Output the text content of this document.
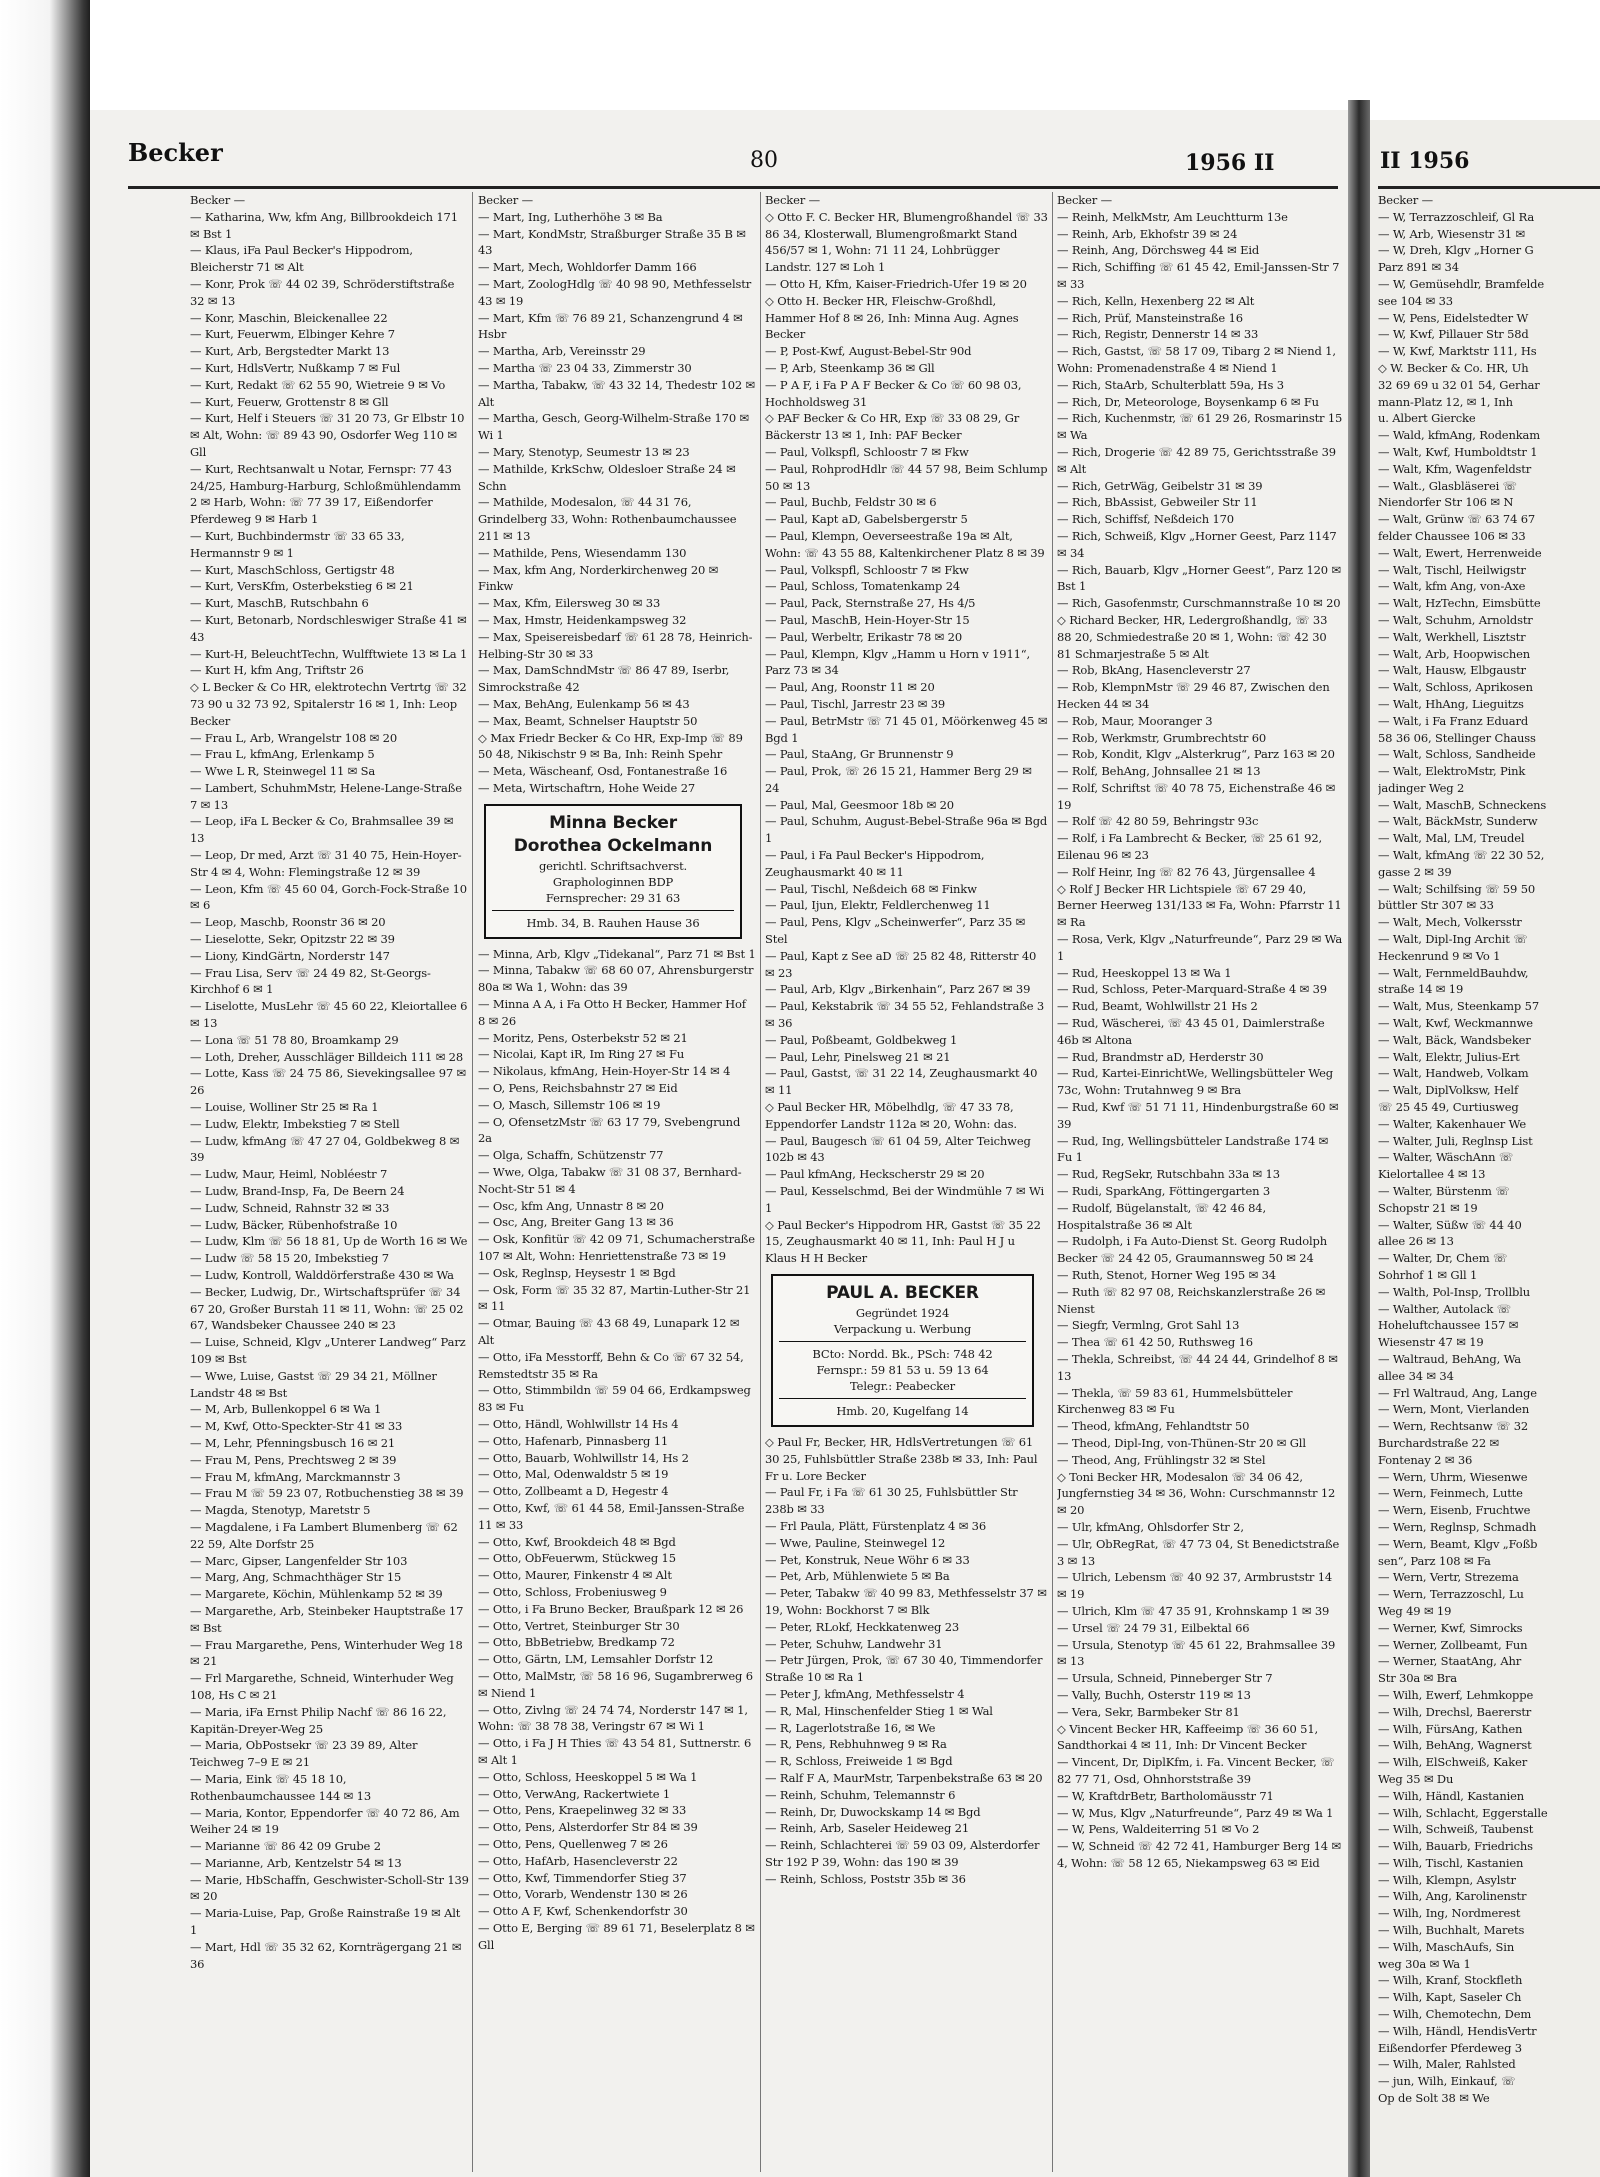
Becker	80	1956 II	II 1956

Becker —

— Katharina, Ww, kfm Ang, Billbrookdeich 171 ✉ Bst 1

— Klaus, iFa Paul Becker's Hippodrom, Bleicherstr 71 ✉ Alt

— Konr, Prok ☏ 44 02 39, Schröderstiftstraße 32 ✉ 13

— Konr, Maschin, Bleickenallee 22

— Kurt, Feuerwm, Elbinger Kehre 7

— Kurt, Arb, Bergstedter Markt 13

— Kurt, HdlsVertr, Nußkamp 7 ✉ Ful

— Kurt, Redakt ☏ 62 55 90, Wietreie 9 ✉ Vo

— Kurt, Feuerw, Grottenstr 8 ✉ Gll

— Kurt, Helf i Steuers ☏ 31 20 73, Gr Elbstr 10 ✉ Alt, Wohn: ☏ 89 43 90, Osdorfer Weg 110 ✉ Gll

— Kurt, Rechtsanwalt u Notar, Fernspr: 77 43 24/25, Hamburg-Harburg, Schloßmühlendamm 2 ✉ Harb, Wohn: ☏ 77 39 17, Eißendorfer Pferdeweg 9 ✉ Harb 1

— Kurt, Buchbindermstr ☏ 33 65 33, Hermannstr 9 ✉ 1

— Kurt, MaschSchloss, Gertigstr 48

— Kurt, VersKfm, Osterbekstieg 6 ✉ 21

— Kurt, MaschB, Rutschbahn 6

— Kurt, Betonarb, Nordschleswiger Straße 41 ✉ 43

— Kurt-H, BeleuchtTechn, Wulfftwiete 13 ✉ La 1

— Kurt H, kfm Ang, Triftstr 26

◇ L Becker & Co HR, elektrotechn Vertrtg ☏ 32 73 90 u 32 73 92, Spitalerstr 16 ✉ 1, Inh: Leop Becker

— Frau L, Arb, Wrangelstr 108 ✉ 20

— Frau L, kfmAng, Erlenkamp 5

— Wwe L R, Steinwegel 11 ✉ Sa

— Lambert, SchuhmMstr, Helene-Lange-Straße 7 ✉ 13

— Leop, iFa L Becker & Co, Brahmsallee 39 ✉ 13

— Leop, Dr med, Arzt ☏ 31 40 75, Hein-Hoyer-Str 4 ✉ 4, Wohn: Flemingstraße 12 ✉ 39

— Leon, Kfm ☏ 45 60 04, Gorch-Fock-Straße 10 ✉ 6

— Leop, Maschb, Roonstr 36 ✉ 20

— Lieselotte, Sekr, Opitzstr 22 ✉ 39

— Liony, KindGärtn, Norderstr 147

— Frau Lisa, Serv ☏ 24 49 82, St-Georgs-Kirchhof 6 ✉ 1

— Liselotte, MusLehr ☏ 45 60 22, Kleiortallee 6 ✉ 13

— Lona ☏ 51 78 80, Broamkamp 29

— Loth, Dreher, Ausschläger Billdeich 111 ✉ 28

— Lotte, Kass ☏ 24 75 86, Sievekingsallee 97 ✉ 26

— Louise, Wolliner Str 25 ✉ Ra 1

— Ludw, Elektr, Imbekstieg 7 ✉ Stell

— Ludw, kfmAng ☏ 47 27 04, Goldbekweg 8 ✉ 39

— Ludw, Maur, Heiml, Nobléestr 7

— Ludw, Brand-Insp, Fa, De Beern 24

— Ludw, Schneid, Rahnstr 32 ✉ 33

— Ludw, Bäcker, Rübenhofstraße 10

— Ludw, Klm ☏ 56 18 81, Up de Worth 16 ✉ We

— Ludw ☏ 58 15 20, Imbekstieg 7

— Ludw, Kontroll, Walddörferstraße 430 ✉ Wa

— Becker, Ludwig, Dr., Wirtschaftsprüfer ☏ 34 67 20, Großer Burstah 11 ✉ 11, Wohn: ☏ 25 02 67, Wandsbeker Chaussee 240 ✉ 23

— Luise, Schneid, Klgv „Unterer Landweg“ Parz 109 ✉ Bst

— Wwe, Luise, Gastst ☏ 29 34 21, Möllner Landstr 48 ✉ Bst

— M, Arb, Bullenkoppel 6 ✉ Wa 1

— M, Kwf, Otto-Speckter-Str 41 ✉ 33

— M, Lehr, Pfenningsbusch 16 ✉ 21

— Frau M, Pens, Prechtsweg 2 ✉ 39

— Frau M, kfmAng, Marckmannstr 3

— Frau M ☏ 59 23 07, Rotbuchenstieg 38 ✉ 39

— Magda, Stenotyp, Maretstr 5

— Magdalene, i Fa Lambert Blumenberg ☏ 62 22 59, Alte Dorfstr 25

— Marc, Gipser, Langenfelder Str 103

— Marg, Ang, Schmachthäger Str 15

— Margarete, Köchin, Mühlenkamp 52 ✉ 39

— Margarethe, Arb, Steinbeker Hauptstraße 17 ✉ Bst

— Frau Margarethe, Pens, Winterhuder Weg 18 ✉ 21

— Frl Margarethe, Schneid, Winterhuder Weg 108, Hs C ✉ 21

— Maria, iFa Ernst Philip Nachf ☏ 86 16 22, Kapitän-Dreyer-Weg 25

— Maria, ObPostsekr ☏ 23 39 89, Alter Teichweg 7–9 E ✉ 21

— Maria, Eink ☏ 45 18 10, Rothenbaumchaussee 144 ✉ 13

— Maria, Kontor, Eppendorfer ☏ 40 72 86, Am Weiher 24 ✉ 19

— Marianne ☏ 86 42 09 Grube 2

— Marianne, Arb, Kentzelstr 54 ✉ 13

— Marie, HbSchaffn, Geschwister-Scholl-Str 139 ✉ 20

— Maria-Luise, Pap, Große Rainstraße 19 ✉ Alt 1

— Mart, Hdl ☏ 35 32 62, Kornträgergang 21 ✉ 36

Becker —

— Mart, Ing, Lutherhöhe 3 ✉ Ba

— Mart, KondMstr, Straßburger Straße 35 B ✉ 43

— Mart, Mech, Wohldorfer Damm 166

— Mart, ZoologHdlg ☏ 40 98 90, Methfesselstr 43 ✉ 19

— Mart, Kfm ☏ 76 89 21, Schanzengrund 4 ✉ Hsbr

— Martha, Arb, Vereinsstr 29

— Martha ☏ 23 04 33, Zimmerstr 30

— Martha, Tabakw, ☏ 43 32 14, Thedestr 102 ✉ Alt

— Martha, Gesch, Georg-Wilhelm-Straße 170 ✉ Wi 1

— Mary, Stenotyp, Seumestr 13 ✉ 23

— Mathilde, KrkSchw, Oldesloer Straße 24 ✉ Schn

— Mathilde, Modesalon, ☏ 44 31 76, Grindelberg 33, Wohn: Rothenbaumchaussee 211 ✉ 13

— Mathilde, Pens, Wiesendamm 130

— Max, kfm Ang, Norderkirchenweg 20 ✉ Finkw

— Max, Kfm, Eilersweg 30 ✉ 33

— Max, Hmstr, Heidenkampsweg 32

— Max, Speisereisbedarf ☏ 61 28 78, Heinrich-Helbing-Str 30 ✉ 33

— Max, DamSchndMstr ☏ 86 47 89, Iserbr, Simrockstraße 42

— Max, BehAng, Eulenkamp 56 ✉ 43

— Max, Beamt, Schnelser Hauptstr 50

◇ Max Friedr Becker & Co HR, Exp-Imp ☏ 89 50 48, Nikischstr 9 ✉ Ba, Inh: Reinh Spehr

— Meta, Wäscheanf, Osd, Fontanestraße 16

— Meta, Wirtschaftrn, Hohe Weide 27

Minna Becker
Dorothea Ockelmann
gerichtl. Schriftsachverst.
Graphologinnen BDP
Fernsprecher: 29 31 63
Hmb. 34, B. Rauhen Hause 36

— Minna, Arb, Klgv „Tidekanal“, Parz 71 ✉ Bst 1

— Minna, Tabakw ☏ 68 60 07, Ahrensburgerstr 80a ✉ Wa 1, Wohn: das 39

— Minna A A, i Fa Otto H Becker, Hammer Hof 8 ✉ 26

— Moritz, Pens, Osterbekstr 52 ✉ 21

— Nicolai, Kapt iR, Im Ring 27 ✉ Fu

— Nikolaus, kfmAng, Hein-Hoyer-Str 14 ✉ 4

— O, Pens, Reichsbahnstr 27 ✉ Eid

— O, Masch, Sillemstr 106 ✉ 19

— O, OfensetzMstr ☏ 63 17 79, Svebengrund 2a

— Olga, Schaffn, Schützenstr 77

— Wwe, Olga, Tabakw ☏ 31 08 37, Bernhard-Nocht-Str 51 ✉ 4

— Osc, kfm Ang, Unnastr 8 ✉ 20

— Osc, Ang, Breiter Gang 13 ✉ 36

— Osk, Konfitür ☏ 42 09 71, Schumacherstraße 107 ✉ Alt, Wohn: Henriettenstraße 73 ✉ 19

— Osk, Reglnsp, Heysestr 1 ✉ Bgd

— Osk, Form ☏ 35 32 87, Martin-Luther-Str 21 ✉ 11

— Otmar, Bauing ☏ 43 68 49, Lunapark 12 ✉ Alt

— Otto, iFa Messtorff, Behn & Co ☏ 67 32 54, Remstedtstr 35 ✉ Ra

— Otto, Stimmbildn ☏ 59 04 66, Erdkampsweg 83 ✉ Fu

— Otto, Händl, Wohlwillstr 14 Hs 4

— Otto, Hafenarb, Pinnasberg 11

— Otto, Bauarb, Wohlwillstr 14, Hs 2

— Otto, Mal, Odenwaldstr 5 ✉ 19

— Otto, Zollbeamt a D, Hegestr 4

— Otto, Kwf, ☏ 61 44 58, Emil-Janssen-Straße 11 ✉ 33

— Otto, Kwf, Brookdeich 48 ✉ Bgd

— Otto, ObFeuerwm, Stückweg 15

— Otto, Maurer, Finkenstr 4 ✉ Alt

— Otto, Schloss, Frobeniusweg 9

— Otto, i Fa Bruno Becker, Braußpark 12 ✉ 26

— Otto, Vertret, Steinburger Str 30

— Otto, BbBetriebw, Bredkamp 72

— Otto, Gärtn, LM, Lemsahler Dorfstr 12

— Otto, MalMstr, ☏ 58 16 96, Sugambrerweg 6 ✉ Niend 1

— Otto, Zivlng ☏ 24 74 74, Norderstr 147 ✉ 1, Wohn: ☏ 38 78 38, Veringstr 67 ✉ Wi 1

— Otto, i Fa J H Thies ☏ 43 54 81, Suttnerstr. 6 ✉ Alt 1

— Otto, Schloss, Heeskoppel 5 ✉ Wa 1

— Otto, VerwAng, Rackertwiete 1

— Otto, Pens, Kraepelinweg 32 ✉ 33

— Otto, Pens, Alsterdorfer Str 84 ✉ 39

— Otto, Pens, Quellenweg 7 ✉ 26

— Otto, HafArb, Hasencleverstr 22

— Otto, Kwf, Timmendorfer Stieg 37

— Otto, Vorarb, Wendenstr 130 ✉ 26

— Otto A F, Kwf, Schenkendorfstr 30

— Otto E, Berging ☏ 89 61 71, Beselerplatz 8 ✉ Gll

Becker —

◇ Otto F. C. Becker HR, Blumengroßhandel ☏ 33 86 34, Klosterwall, Blumengroßmarkt Stand 456/57 ✉ 1, Wohn: 71 11 24, Lohbrügger Landstr. 127 ✉ Loh 1

— Otto H, Kfm, Kaiser-Friedrich-Ufer 19 ✉ 20

◇ Otto H. Becker HR, Fleischw-Großhdl, Hammer Hof 8 ✉ 26, Inh: Minna Aug. Agnes Becker

— P, Post-Kwf, August-Bebel-Str 90d

— P, Arb, Steenkamp 36 ✉ Gll

— P A F, i Fa P A F Becker & Co ☏ 60 98 03, Hochholdsweg 31

◇ PAF Becker & Co HR, Exp ☏ 33 08 29, Gr Bäckerstr 13 ✉ 1, Inh: PAF Becker

— Paul, Volkspfl, Schloostr 7 ✉ Fkw

— Paul, RohprodHdlr ☏ 44 57 98, Beim Schlump 50 ✉ 13

— Paul, Buchb, Feldstr 30 ✉ 6

— Paul, Kapt aD, Gabelsbergerstr 5

— Paul, Klempn, Oeverseestraße 19a ✉ Alt, Wohn: ☏ 43 55 88, Kaltenkirchener Platz 8 ✉ 39

— Paul, Volkspfl, Schloostr 7 ✉ Fkw

— Paul, Schloss, Tomatenkamp 24

— Paul, Pack, Sternstraße 27, Hs 4/5

— Paul, MaschB, Hein-Hoyer-Str 15

— Paul, Werbeltr, Erikastr 78 ✉ 20

— Paul, Klempn, Klgv „Hamm u Horn v 1911“, Parz 73 ✉ 34

— Paul, Ang, Roonstr 11 ✉ 20

— Paul, Tischl, Jarrestr 23 ✉ 39

— Paul, BetrMstr ☏ 71 45 01, Möörkenweg 45 ✉ Bgd 1

— Paul, StaAng, Gr Brunnenstr 9

— Paul, Prok, ☏ 26 15 21, Hammer Berg 29 ✉ 24

— Paul, Mal, Geesmoor 18b ✉ 20

— Paul, Schuhm, August-Bebel-Straße 96a ✉ Bgd 1

— Paul, i Fa Paul Becker's Hippodrom, Zeughausmarkt 40 ✉ 11

— Paul, Tischl, Neßdeich 68 ✉ Finkw

— Paul, Ijun, Elektr, Feldlerchenweg 11

— Paul, Pens, Klgv „Scheinwerfer“, Parz 35 ✉ Stel

— Paul, Kapt z See aD ☏ 25 82 48, Ritterstr 40 ✉ 23

— Paul, Arb, Klgv „Birkenhain“, Parz 267 ✉ 39

— Paul, Kekstabrik ☏ 34 55 52, Fehlandstraße 3 ✉ 36

— Paul, Poßbeamt, Goldbekweg 1

— Paul, Lehr, Pinelsweg 21 ✉ 21

— Paul, Gastst, ☏ 31 22 14, Zeughausmarkt 40 ✉ 11

◇ Paul Becker HR, Möbelhdlg, ☏ 47 33 78, Eppendorfer Landstr 112a ✉ 20, Wohn: das.

— Paul, Baugesch ☏ 61 04 59, Alter Teichweg 102b ✉ 43

— Paul kfmAng, Heckscherstr 29 ✉ 20

— Paul, Kesselschmd, Bei der Windmühle 7 ✉ Wi 1

◇ Paul Becker's Hippodrom HR, Gastst ☏ 35 22 15, Zeughausmarkt 40 ✉ 11, Inh: Paul H J u Klaus H H Becker

PAUL A. BECKER
Gegründet 1924
Verpackung u. Werbung
BCto: Nordd. Bk., PSch: 748 42
Fernspr.: 59 81 53 u. 59 13 64
Telegr.: Peabecker
Hmb. 20, Kugelfang 14

◇ Paul Fr, Becker, HR, HdlsVertretungen ☏ 61 30 25, Fuhlsbüttler Straße 238b ✉ 33, Inh: Paul Fr u. Lore Becker

— Paul Fr, i Fa ☏ 61 30 25, Fuhlsbüttler Str 238b ✉ 33

— Frl Paula, Plätt, Fürstenplatz 4 ✉ 36

— Wwe, Pauline, Steinwegel 12

— Pet, Konstruk, Neue Wöhr 6 ✉ 33

— Pet, Arb, Mühlenwiete 5 ✉ Ba

— Peter, Tabakw ☏ 40 99 83, Methfesselstr 37 ✉ 19, Wohn: Bockhorst 7 ✉ Blk

— Peter, RLokf, Heckkatenweg 23

— Peter, Schuhw, Landwehr 31

— Petr Jürgen, Prok, ☏ 67 30 40, Timmendorfer Straße 10 ✉ Ra 1

— Peter J, kfmAng, Methfesselstr 4

— R, Mal, Hinschenfelder Stieg 1 ✉ Wal

— R, Lagerlotstraße 16, ✉ We

— R, Pens, Rebhuhnweg 9 ✉ Ra

— R, Schloss, Freiweide 1 ✉ Bgd

— Ralf F A, MaurMstr, Tarpenbekstraße 63 ✉ 20

— Reinh, Schuhm, Telemannstr 6

— Reinh, Dr, Duwockskamp 14 ✉ Bgd

— Reinh, Arb, Saseler Heideweg 21

— Reinh, Schlachterei ☏ 59 03 09, Alsterdorfer Str 192 P 39, Wohn: das 190 ✉ 39

— Reinh, Schloss, Poststr 35b ✉ 36

Becker —

— Reinh, MelkMstr, Am Leuchtturm 13e

— Reinh, Arb, Ekhofstr 39 ✉ 24

— Reinh, Ang, Dörchsweg 44 ✉ Eid

— Rich, Schiffing ☏ 61 45 42, Emil-Janssen-Str 7 ✉ 33

— Rich, Kelln, Hexenberg 22 ✉ Alt

— Rich, Prüf, Mansteinstraße 16

— Rich, Registr, Dennerstr 14 ✉ 33

— Rich, Gastst, ☏ 58 17 09, Tibarg 2 ✉ Niend 1, Wohn: Promenadenstraße 4 ✉ Niend 1

— Rich, StaArb, Schulterblatt 59a, Hs 3

— Rich, Dr, Meteorologe, Boysenkamp 6 ✉ Fu

— Rich, Kuchenmstr, ☏ 61 29 26, Rosmarinstr 15 ✉ Wa

— Rich, Drogerie ☏ 42 89 75, Gerichtsstraße 39 ✉ Alt

— Rich, GetrWäg, Geibelstr 31 ✉ 39

— Rich, BbAssist, Gebweiler Str 11

— Rich, Schiffsf, Neßdeich 170

— Rich, Schweiß, Klgv „Horner Geest, Parz 1147 ✉ 34

— Rich, Bauarb, Klgv „Horner Geest“, Parz 120 ✉ Bst 1

— Rich, Gasofenmstr, Curschmannstraße 10 ✉ 20

◇ Richard Becker, HR, Ledergroßhandlg, ☏ 33 88 20, Schmiedestraße 20 ✉ 1, Wohn: ☏ 42 30 81 Schmarjestraße 5 ✉ Alt

— Rob, BkAng, Hasencleverstr 27

— Rob, KlempnMstr ☏ 29 46 87, Zwischen den Hecken 44 ✉ 34

— Rob, Maur, Mooranger 3

— Rob, Werkmstr, Grumbrechtstr 60

— Rob, Kondit, Klgv „Alsterkrug“, Parz 163 ✉ 20

— Rolf, BehAng, Johnsallee 21 ✉ 13

— Rolf, Schriftst ☏ 40 78 75, Eichenstraße 46 ✉ 19

— Rolf ☏ 42 80 59, Behringstr 93c

— Rolf, i Fa Lambrecht & Becker, ☏ 25 61 92, Eilenau 96 ✉ 23

— Rolf Heinr, Ing ☏ 82 76 43, Jürgensallee 4

◇ Rolf J Becker HR Lichtspiele ☏ 67 29 40, Berner Heerweg 131/133 ✉ Fa, Wohn: Pfarrstr 11 ✉ Ra

— Rosa, Verk, Klgv „Naturfreunde“, Parz 29 ✉ Wa 1

— Rud, Heeskoppel 13 ✉ Wa 1

— Rud, Schloss, Peter-Marquard-Straße 4 ✉ 39

— Rud, Beamt, Wohlwillstr 21 Hs 2

— Rud, Wäscherei, ☏ 43 45 01, Daimlerstraße 46b ✉ Altona

— Rud, Brandmstr aD, Herderstr 30

— Rud, Kartei-EinrichtWe, Wellingsbütteler Weg 73c, Wohn: Trutahnweg 9 ✉ Bra

— Rud, Kwf ☏ 51 71 11, Hindenburgstraße 60 ✉ 39

— Rud, Ing, Wellingsbütteler Landstraße 174 ✉ Fu 1

— Rud, RegSekr, Rutschbahn 33a ✉ 13

— Rudi, SparkAng, Föttingergarten 3

— Rudolf, Bügelanstalt, ☏ 42 46 84, Hospitalstraße 36 ✉ Alt

— Rudolph, i Fa Auto-Dienst St. Georg Rudolph Becker ☏ 24 42 05, Graumannsweg 50 ✉ 24

— Ruth, Stenot, Horner Weg 195 ✉ 34

— Ruth ☏ 82 97 08, Reichskanzlerstraße 26 ✉ Nienst

— Siegfr, Vermlng, Grot Sahl 13

— Thea ☏ 61 42 50, Ruthsweg 16

— Thekla, Schreibst, ☏ 44 24 44, Grindelhof 8 ✉ 13

— Thekla, ☏ 59 83 61, Hummelsbütteler Kirchenweg 83 ✉ Fu

— Theod, kfmAng, Fehlandtstr 50

— Theod, Dipl-Ing, von-Thünen-Str 20 ✉ Gll

— Theod, Ang, Frühlingstr 32 ✉ Stel

◇ Toni Becker HR, Modesalon ☏ 34 06 42, Jungfernstieg 34 ✉ 36, Wohn: Curschmannstr 12 ✉ 20

— Ulr, kfmAng, Ohlsdorfer Str 2,

— Ulr, ObRegRat, ☏ 47 73 04, St Benedictstraße 3 ✉ 13

— Ulrich, Lebensm ☏ 40 92 37, Armbruststr 14 ✉ 19

— Ulrich, Klm ☏ 47 35 91, Krohnskamp 1 ✉ 39

— Ursel ☏ 24 79 31, Eilbektal 66

— Ursula, Stenotyp ☏ 45 61 22, Brahmsallee 39 ✉ 13

— Ursula, Schneid, Pinneberger Str 7

— Vally, Buchh, Osterstr 119 ✉ 13

— Vera, Sekr, Barmbeker Str 81

◇ Vincent Becker HR, Kaffeeimp ☏ 36 60 51, Sandthorkai 4 ✉ 11, Inh: Dr Vincent Becker

— Vincent, Dr, DiplKfm, i. Fa. Vincent Becker, ☏ 82 77 71, Osd, Ohnhorststraße 39

— W, KraftdrBetr, Bartholomäusstr 71

— W, Mus, Klgv „Naturfreunde“, Parz 49 ✉ Wa 1

— W, Pens, Waldeiterring 51 ✉ Vo 2

— W, Schneid ☏ 42 72 41, Hamburger Berg 14 ✉ 4, Wohn: ☏ 58 12 65, Niekampsweg 63 ✉ Eid

Becker —

— W, Terrazzoschleif, Gl Ra

— W, Arb, Wiesenstr 31 ✉

— W, Dreh, Klgv „Horner G

Parz 891 ✉ 34

— W, Gemüsehdlr, Bramfelde

see 104 ✉ 33

— W, Pens, Eidelstedter W

— W, Kwf, Pillauer Str 58d

— W, Kwf, Marktstr 111, Hs

◇ W. Becker & Co. HR, Uh

32 69 69 u 32 01 54, Gerhar

mann-Platz 12, ✉ 1, Inh

u. Albert Giercke

— Wald, kfmAng, Rodenkam

— Walt, Kwf, Humboldtstr 1

— Walt, Kfm, Wagenfeldstr

— Walt., Glasbläserei ☏

Niendorfer Str 106 ✉ N

— Walt, Grünw ☏ 63 74 67

felder Chaussee 106 ✉ 33

— Walt, Ewert, Herrenweide

— Walt, Tischl, Heilwigstr

— Walt, kfm Ang, von-Axe

— Walt, HzTechn, Eimsbütte

— Walt, Schuhm, Arnoldstr

— Walt, Werkhell, Lisztstr

— Walt, Arb, Hoopwischen

— Walt, Hausw, Elbgaustr

— Walt, Schloss, Aprikosen

— Walt, HhAng, Lieguitzs

— Walt, i Fa Franz Eduard

58 36 06, Stellinger Chauss

— Walt, Schloss, Sandheide

— Walt, ElektroMstr, Pink

jadinger Weg 2

— Walt, MaschB, Schneckens

— Walt, BäckMstr, Sunderw

— Walt, Mal, LM, Treudel

— Walt, kfmAng ☏ 22 30 52,

gasse 2 ✉ 39

— Walt; Schilfsing ☏ 59 50

büttler Str 307 ✉ 33

— Walt, Mech, Volkersstr

— Walt, Dipl-Ing Archit ☏

Heckenrund 9 ✉ Vo 1

— Walt, FernmeldBauhdw,

straße 14 ✉ 19

— Walt, Mus, Steenkamp 57

— Walt, Kwf, Weckmannwe

— Walt, Bäck, Wandsbeker

— Walt, Elektr, Julius-Ert

— Walt, Handweb, Volkam

— Walt, DiplVolksw, Helf

☏ 25 45 49, Curtiusweg

— Walter, Kakenhauer We

— Walter, Juli, Reglnsp List

— Walter, WäschAnn ☏

Kielortallee 4 ✉ 13

— Walter, Bürstenm ☏

Schopstr 21 ✉ 19

— Walter, Süßw ☏ 44 40

allee 26 ✉ 13

— Walter, Dr, Chem ☏

Sohrhof 1 ✉ Gll 1

— Walth, Pol-Insp, Trollblu

— Walther, Autolack ☏

Hoheluftchaussee 157 ✉

Wiesenstr 47 ✉ 19

— Waltraud, BehAng, Wa

allee 34 ✉ 34

— Frl Waltraud, Ang, Lange

— Wern, Mont, Vierlanden

— Wern, Rechtsanw ☏ 32

Burchardstraße 22 ✉

Fontenay 2 ✉ 36

— Wern, Uhrm, Wiesenwe

— Wern, Feinmech, Lutte

— Wern, Eisenb, Fruchtwe

— Wern, Reglnsp, Schmadh

— Wern, Beamt, Klgv „Foßb

sen“, Parz 108 ✉ Fa

— Wern, Vertr, Strezema

— Wern, Terrazzoschl, Lu

Weg 49 ✉ 19

— Werner, Kwf, Simrocks

— Werner, Zollbeamt, Fun

— Werner, StaatAng, Ahr

Str 30a ✉ Bra

— Wilh, Ewerf, Lehmkoppe

— Wilh, Drechsl, Baererstr

— Wilh, FürsAng, Kathen

— Wilh, BehAng, Wagnerst

— Wilh, ElSchweiß, Kaker

Weg 35 ✉ Du

— Wilh, Händl, Kastanien

— Wilh, Schlacht, Eggerstalle

— Wilh, Schweiß, Taubenst

— Wilh, Bauarb, Friedrichs

— Wilh, Tischl, Kastanien

— Wilh, Klempn, Asylstr

— Wilh, Ang, Karolinenstr

— Wilh, Ing, Nordmerest

— Wilh, Buchhalt, Marets

— Wilh, MaschAufs, Sin

weg 30a ✉ Wa 1

— Wilh, Kranf, Stockfleth

— Wilh, Kapt, Saseler Ch

— Wilh, Chemotechn, Dem

— Wilh, Händl, HendisVertr

Eißendorfer Pferdeweg 3

— Wilh, Maler, Rahlsted

— jun, Wilh, Einkauf, ☏

Op de Solt 38 ✉ We
